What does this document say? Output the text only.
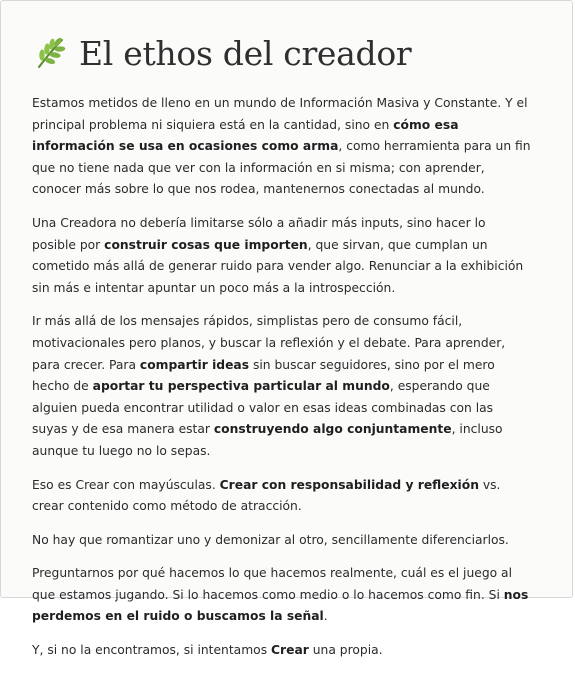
El ethos del creador

Estamos metidos de lleno en un mundo de Información Masiva y Constante. Y el principal problema ni siquiera está en la cantidad, sino en cómo esa información se usa en ocasiones como arma, como herramienta para un fin que no tiene nada que ver con la información en si misma; con aprender, conocer más sobre lo que nos rodea, mantenernos conectadas al mundo.

Una Creadora no debería limitarse sólo a añadir más inputs, sino hacer lo posible por construir cosas que importen, que sirvan, que cumplan un cometido más allá de generar ruido para vender algo. Renunciar a la exhibición sin más e intentar apuntar un poco más a la introspección.

Ir más allá de los mensajes rápidos, simplistas pero de consumo fácil, motivacionales pero planos, y buscar la reflexión y el debate. Para aprender, para crecer. Para compartir ideas sin buscar seguidores, sino por el mero hecho de aportar tu perspectiva particular al mundo, esperando que alguien pueda encontrar utilidad o valor en esas ideas combinadas con las suyas y de esa manera estar construyendo algo conjuntamente, incluso aunque tu luego no lo sepas.

Eso es Crear con mayúsculas. Crear con responsabilidad y reflexión vs. crear contenido como método de atracción.

No hay que romantizar uno y demonizar al otro, sencillamente diferenciarlos.

Preguntarnos por qué hacemos lo que hacemos realmente, cuál es el juego al que estamos jugando. Si lo hacemos como medio o lo hacemos como fin. Si nos perdemos en el ruido o buscamos la señal.

Y, si no la encontramos, si intentamos Crear una propia.
